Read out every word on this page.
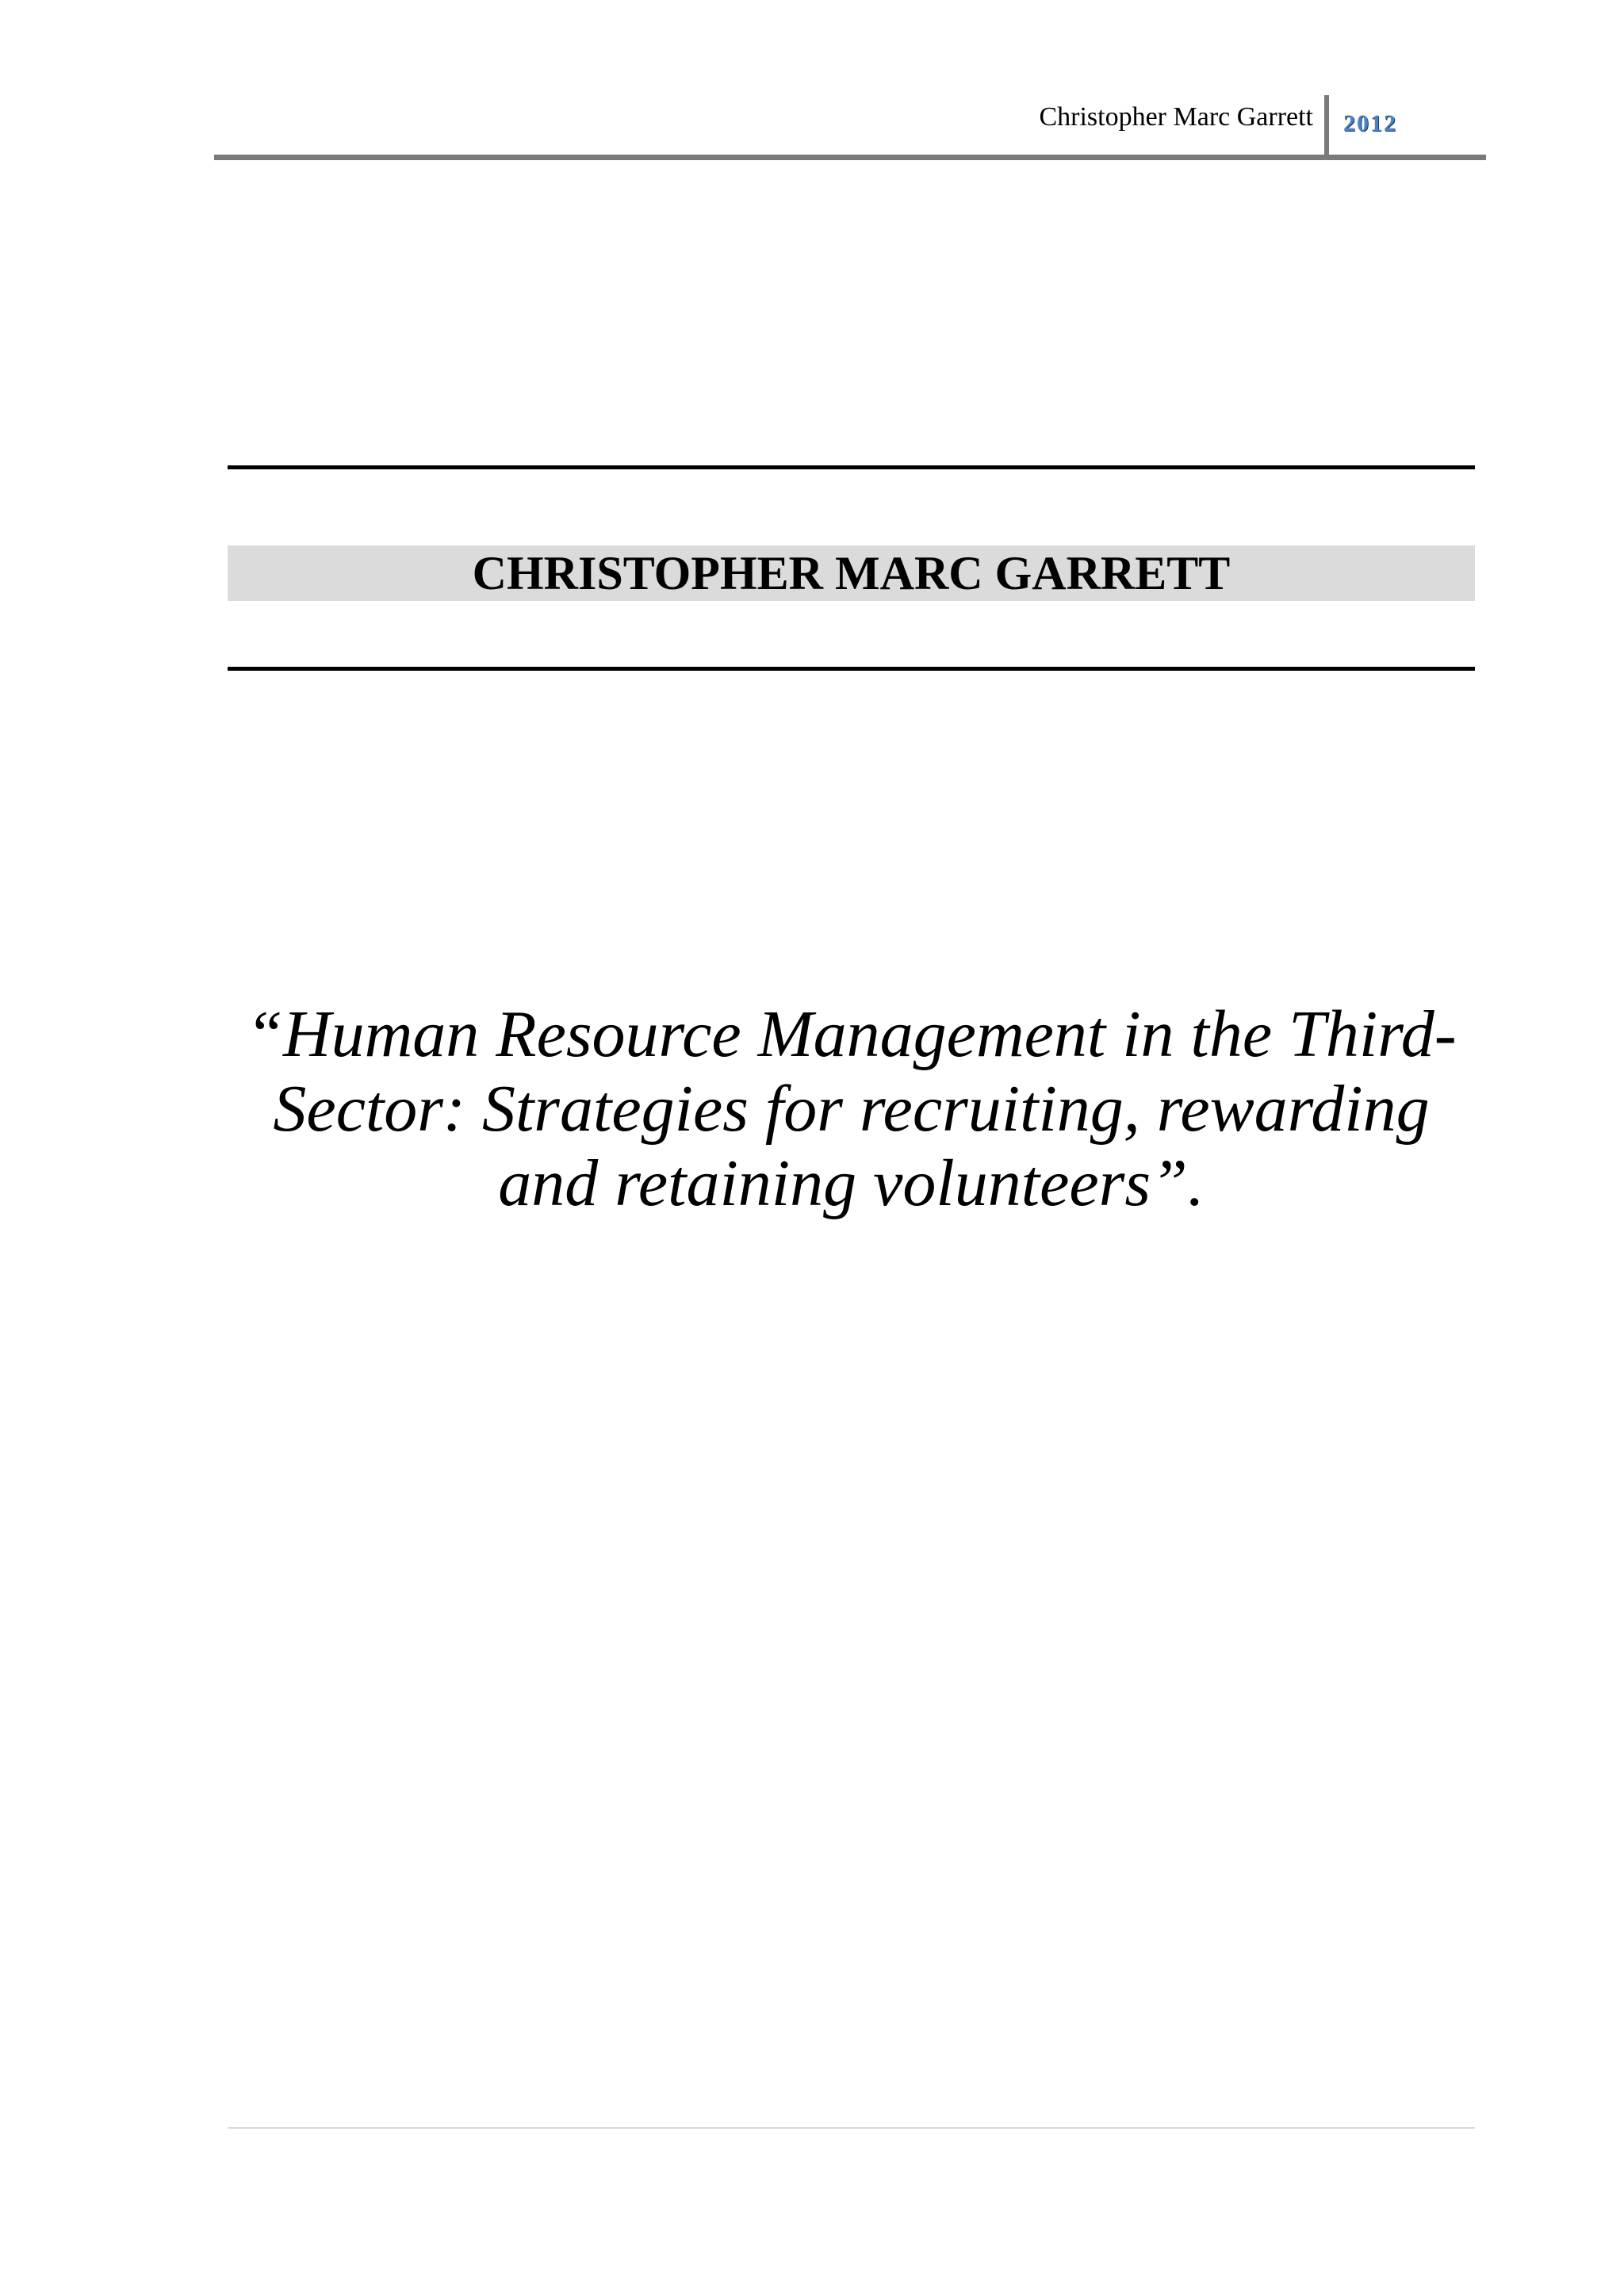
Christopher Marc Garrett 2012
CHRISTOPHER MARC GARRETT
“Human Resource Management in the Third-
Sector: Strategies for recruiting, rewarding
and retaining volunteers”.
